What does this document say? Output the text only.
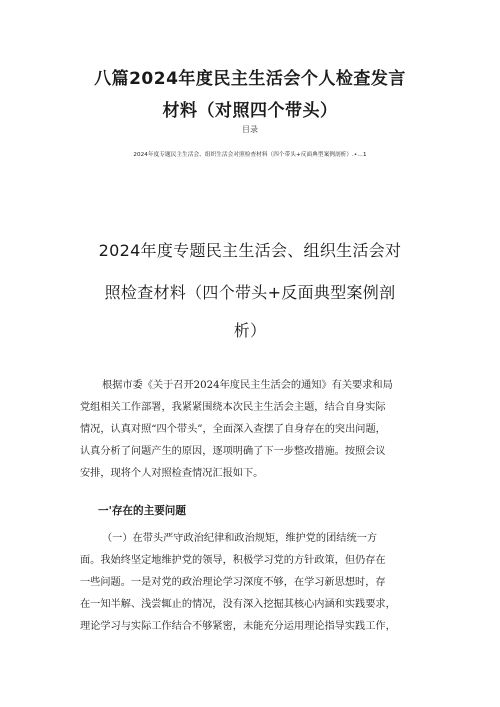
八篇2024年度民主生活会个人检查发言
材料（对照四个带头）
目录
2024年度专题民主生活会、组织生活会对照检查材料（四个带头+反面典型案例剖析）.•…1
2024年度专题民主生活会、组织生活会对
照检查材料（四个带头+反面典型案例剖
析）
根据市委《关于召开2024年度民主生活会的通知》有关要求和局
党组相关工作部署，我紧紧围绕本次民主生活会主题，结合自身实际
情况，认真对照“四个带头”，全面深入查摆了自身存在的突出问题，
认真分析了问题产生的原因，逐项明确了下一步整改措施。按照会议
安排，现将个人对照检查情况汇报如下。
一'存在的主要问题
（一）在带头严守政治纪律和政治规矩，维护党的团结统一方
面。我始终坚定地维护党的领导，积极学习党的方针政策，但仍存在
一些问题。一是对党的政治理论学习深度不够，在学习新思想时，存
在一知半解、浅尝辄止的情况，没有深入挖掘其核心内涵和实践要求，
理论学习与实际工作结合不够紧密，未能充分运用理论指导实践工作，
